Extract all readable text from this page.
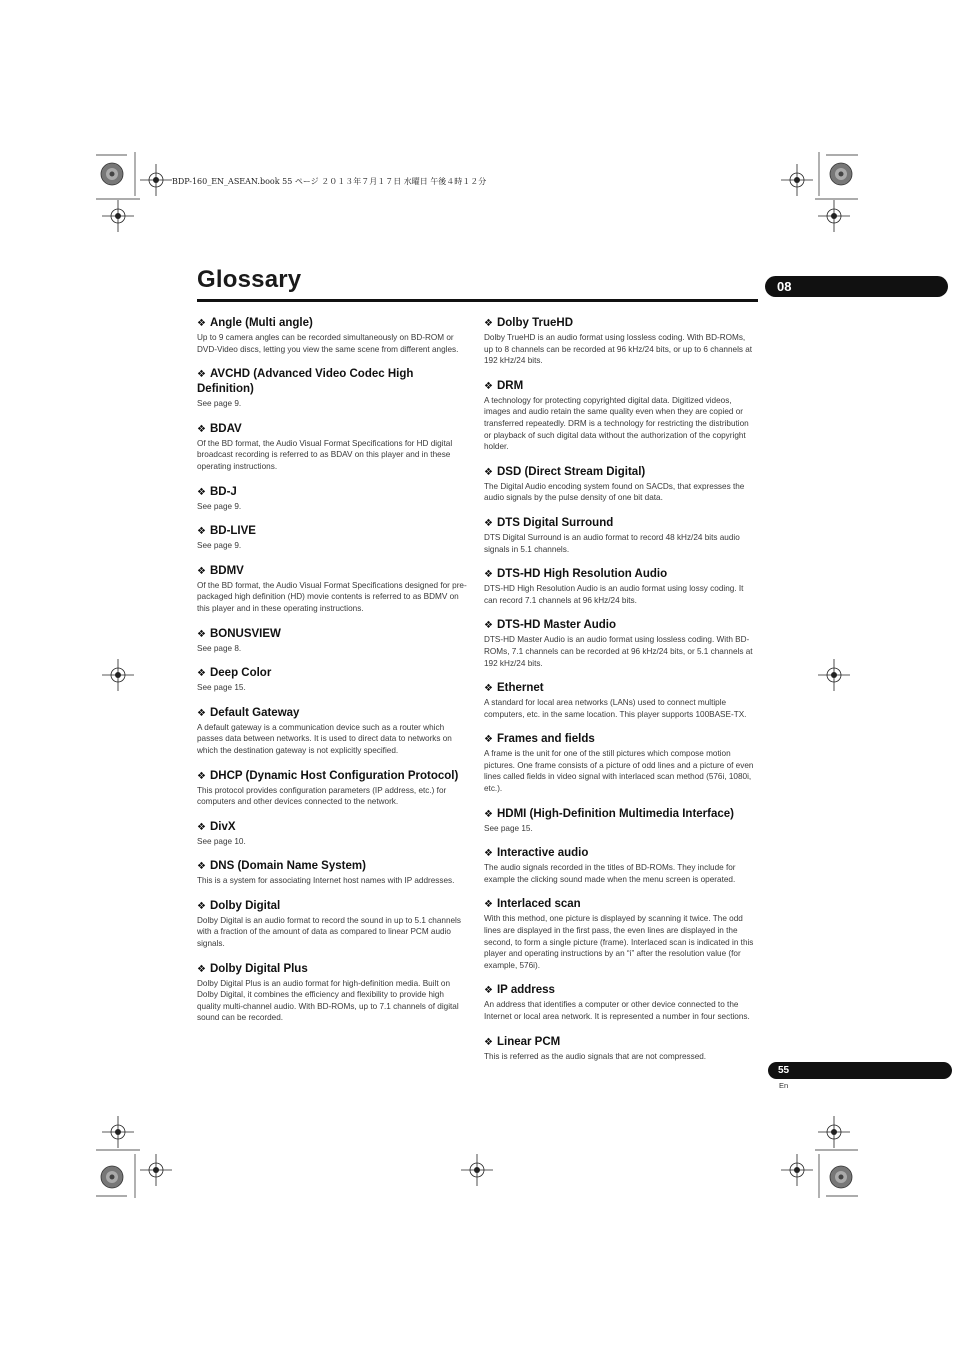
BDP-160_EN_ASEAN.book 55 ページ ２０１３年７月１７日 水曜日 午後４時１２分
Glossary	08
❖ Angle (Multi angle)

Up to 9 camera angles can be recorded simultaneously on BD-ROM or DVD-Video discs, letting you view the same scene from different angles.

❖ AVCHD (Advanced Video Codec High Definition)

See page 9.

❖ BDAV

Of the BD format, the Audio Visual Format Specifications for HD digital broadcast recording is referred to as BDAV on this player and in these operating instructions.

❖ BD-J

See page 9.

❖ BD-LIVE

See page 9.

❖ BDMV

Of the BD format, the Audio Visual Format Specifications designed for pre-packaged high definition (HD) movie contents is referred to as BDMV on this player and in these operating instructions.

❖ BONUSVIEW

See page 8.

❖ Deep Color

See page 15.

❖ Default Gateway

A default gateway is a communication device such as a router which passes data between networks. It is used to direct data to networks on which the destination gateway is not explicitly specified.

❖ DHCP (Dynamic Host Configuration Protocol)

This protocol provides configuration parameters (IP address, etc.) for computers and other devices connected to the network.

❖ DivX

See page 10.

❖ DNS (Domain Name System)

This is a system for associating Internet host names with IP addresses.

❖ Dolby Digital

Dolby Digital is an audio format to record the sound in up to 5.1 channels with a fraction of the amount of data as compared to linear PCM audio signals.

❖ Dolby Digital Plus

Dolby Digital Plus is an audio format for high-definition media. Built on Dolby Digital, it combines the efficiency and flexibility to provide high quality multi-channel audio. With BD-ROMs, up to 7.1 channels of digital sound can be recorded.

❖ Dolby TrueHD

Dolby TrueHD is an audio format using lossless coding. With BD-ROMs, up to 8 channels can be recorded at 96 kHz/24 bits, or up to 6 channels at 192 kHz/24 bits.

❖ DRM

A technology for protecting copyrighted digital data. Digitized videos, images and audio retain the same quality even when they are copied or transferred repeatedly. DRM is a technology for restricting the distribution or playback of such digital data without the authorization of the copyright holder.

❖ DSD (Direct Stream Digital)

The Digital Audio encoding system found on SACDs, that expresses the audio signals by the pulse density of one bit data.

❖ DTS Digital Surround

DTS Digital Surround is an audio format to record 48 kHz/24 bits audio signals in 5.1 channels.

❖ DTS-HD High Resolution Audio

DTS-HD High Resolution Audio is an audio format using lossy coding. It can record 7.1 channels at 96 kHz/24 bits.

❖ DTS-HD Master Audio

DTS-HD Master Audio is an audio format using lossless coding. With BD-ROMs, 7.1 channels can be recorded at 96 kHz/24 bits, or 5.1 channels at 192 kHz/24 bits.

❖ Ethernet

A standard for local area networks (LANs) used to connect multiple computers, etc. in the same location. This player supports 100BASE-TX.

❖ Frames and fields

A frame is the unit for one of the still pictures which compose motion pictures. One frame consists of a picture of odd lines and a picture of even lines called fields in video signal with interlaced scan method (576i, 1080i, etc.).

❖ HDMI (High-Definition Multimedia Interface)

See page 15.

❖ Interactive audio

The audio signals recorded in the titles of BD-ROMs. They include for example the clicking sound made when the menu screen is operated.

❖ Interlaced scan

With this method, one picture is displayed by scanning it twice. The odd lines are displayed in the first pass, the even lines are displayed in the second, to form a single picture (frame). Interlaced scan is indicated in this player and operating instructions by an “i” after the resolution value (for example, 576i).

❖ IP address

An address that identifies a computer or other device connected to the Internet or local area network. It is represented a number in four sections.

❖ Linear PCM

This is referred as the audio signals that are not compressed.

55
En
